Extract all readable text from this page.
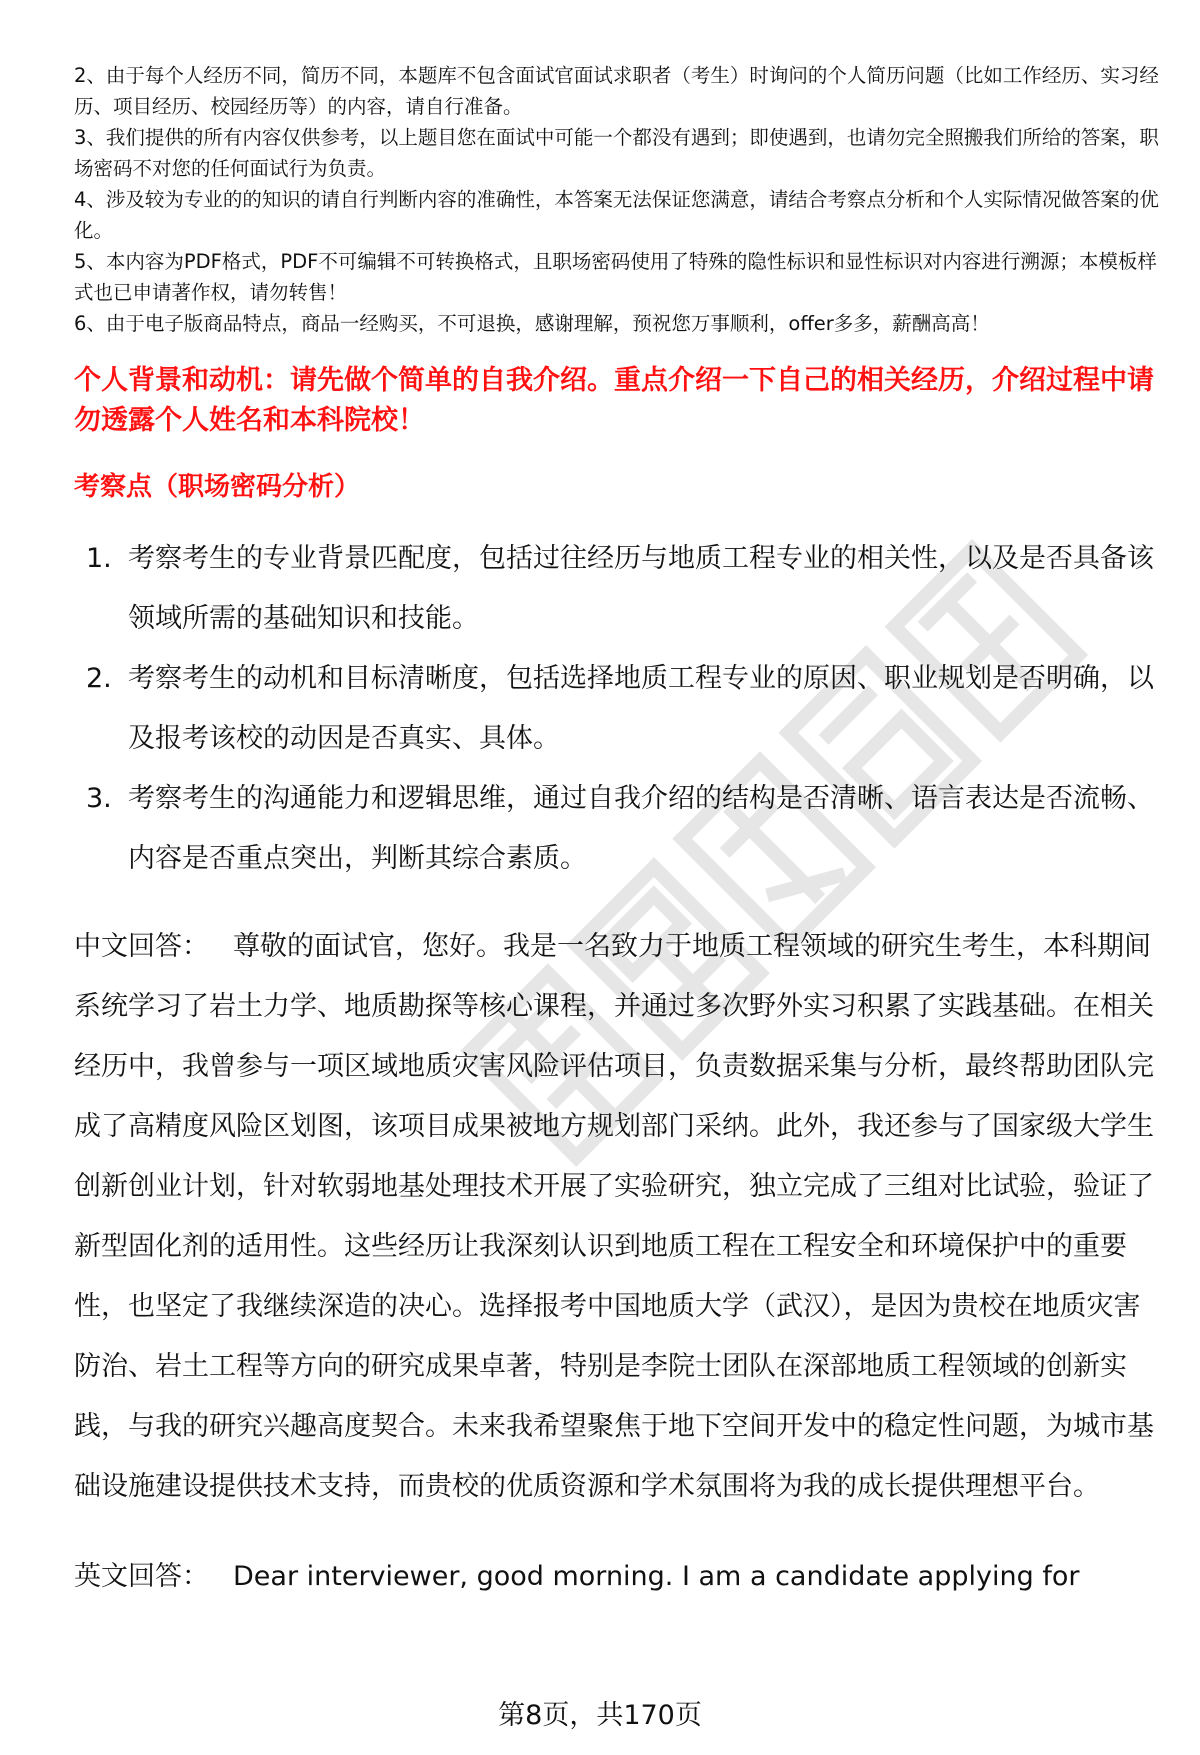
2、由于每个人经历不同，简历不同，本题库不包含面试官面试求职者（考生）时询问的个人简历问题（比如工作经历、实习经历、项目经历、校园经历等）的内容，请自行准备。

3、我们提供的所有内容仅供参考，以上题目您在面试中可能一个都没有遇到；即使遇到，也请勿完全照搬我们所给的答案，职场密码不对您的任何面试行为负责。

4、涉及较为专业的的知识的请自行判断内容的准确性，本答案无法保证您满意，请结合考察点分析和个人实际情况做答案的优化。

5、本内容为PDF格式，PDF不可编辑不可转换格式，且职场密码使用了特殊的隐性标识和显性标识对内容进行溯源；本模板样式也已申请著作权，请勿转售！

6、由于电子版商品特点，商品一经购买，不可退换，感谢理解，预祝您万事顺利，offer多多，薪酬高高！

个人背景和动机：请先做个简单的自我介绍。重点介绍一下自己的相关经历，介绍过程中请勿透露个人姓名和本科院校！
考察点（职场密码分析）
1. 考察考生的专业背景匹配度，包括过往经历与地质工程专业的相关性，以及是否具备该领域所需的基础知识和技能。
2. 考察考生的动机和目标清晰度，包括选择地质工程专业的原因、职业规划是否明确，以及报考该校的动因是否真实、具体。
3. 考察考生的沟通能力和逻辑思维，通过自我介绍的结构是否清晰、语言表达是否流畅、内容是否重点突出，判断其综合素质。
中文回答： 尊敬的面试官，您好。我是一名致力于地质工程领域的研究生考生，本科期间系统学习了岩土力学、地质勘探等核心课程，并通过多次野外实习积累了实践基础。在相关经历中，我曾参与一项区域地质灾害风险评估项目，负责数据采集与分析，最终帮助团队完成了高精度风险区划图，该项目成果被地方规划部门采纳。此外，我还参与了国家级大学生创新创业计划，针对软弱地基处理技术开展了实验研究，独立完成了三组对比试验，验证了新型固化剂的适用性。这些经历让我深刻认识到地质工程在工程安全和环境保护中的重要性，也坚定了我继续深造的决心。选择报考中国地质大学（武汉），是因为贵校在地质灾害防治、岩土工程等方向的研究成果卓著，特别是李院士团队在深部地质工程领域的创新实践，与我的研究兴趣高度契合。未来我希望聚焦于地下空间开发中的稳定性问题，为城市基础设施建设提供技术支持，而贵校的优质资源和学术氛围将为我的成长提供理想平台。
英文回答： Dear interviewer, good morning. I am a candidate applying for
第8页，共170页
